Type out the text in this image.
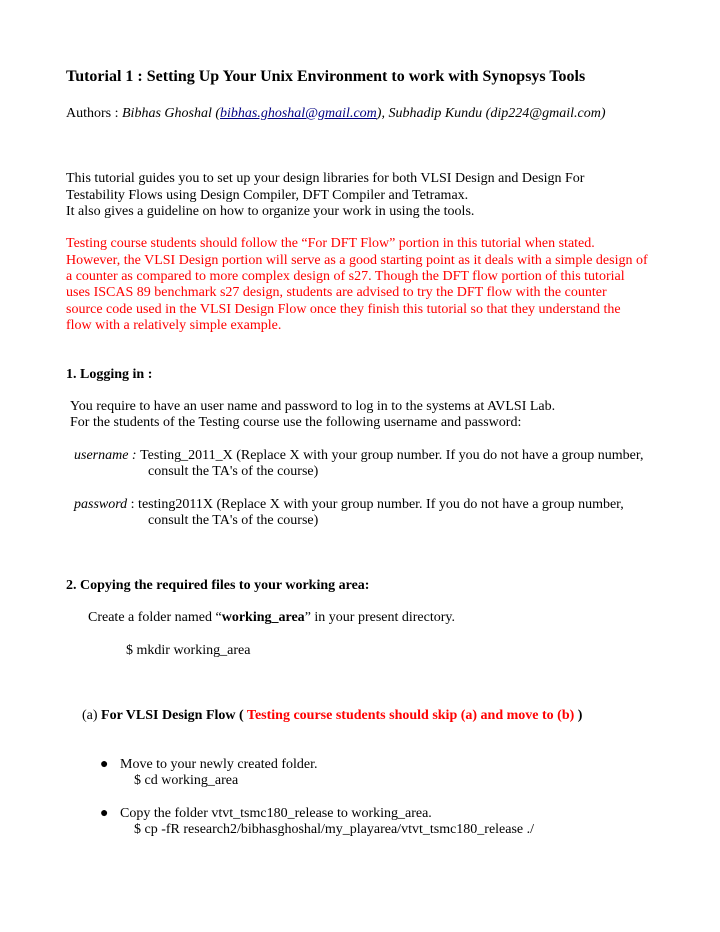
Tutorial 1 : Setting Up Your Unix Environment to work with Synopsys Tools
Authors : Bibhas Ghoshal (bibhas.ghoshal@gmail.com), Subhadip Kundu (dip224@gmail.com)
This tutorial guides you to set up your design libraries for both VLSI Design and Design For
Testability Flows using Design Compiler, DFT Compiler and Tetramax.
It also gives a guideline on how to organize your work in using the tools.
Testing course students should follow the “For DFT Flow” portion in this tutorial when stated.
However, the VLSI Design portion will serve as a good starting point as it deals with a simple design of
a counter as compared to more complex design of s27. Though the DFT flow portion of this tutorial
uses ISCAS 89 benchmark s27 design, students are advised to try the DFT flow with the counter
source code used in the VLSI Design Flow once they finish this tutorial so that they understand the
flow with a relatively simple example.
1. Logging in :
You require to have an user name and password to log in to the systems at AVLSI Lab.
For the students of the Testing course use the following username and password:
username : Testing_2011_X (Replace X with your group number. If you do not have a group number,
consult the TA's of the course)
password : testing2011X (Replace X with your group number. If you do not have a group number,
consult the TA's of the course)
2. Copying the required files to your working area:
Create a folder named “working_area” in your present directory.
$ mkdir working_area
(a) For VLSI Design Flow ( Testing course students should skip (a) and move to (b) )
● Move to your newly created folder.
$ cd working_area
● Copy the folder vtvt_tsmc180_release to working_area.
$ cp -fR research2/bibhasghoshal/my_playarea/vtvt_tsmc180_release ./
